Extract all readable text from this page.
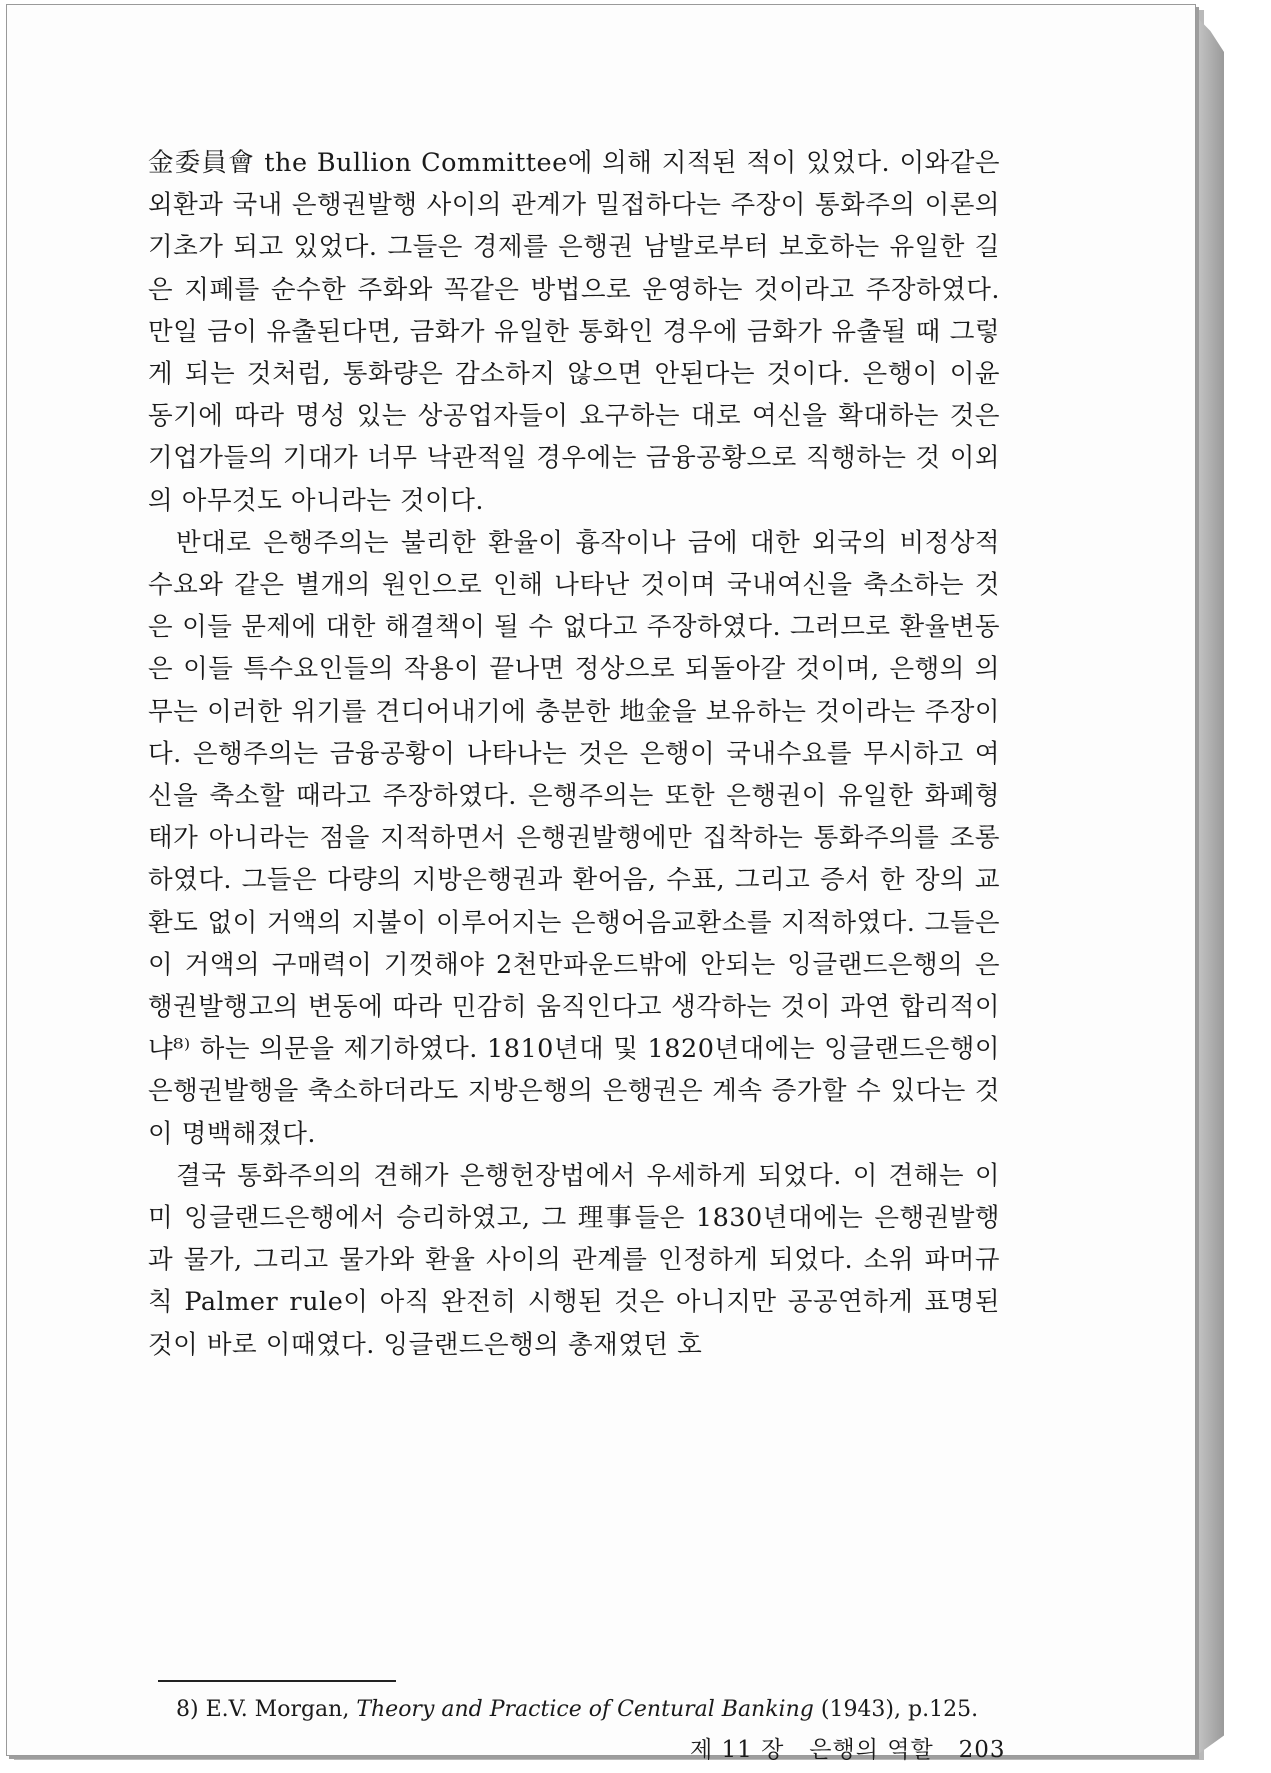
金委員會 the Bullion Committee에 의해 지적된 적이 있었다. 이와같은 외환과 국내 은행권발행 사이의 관계가 밀접하다는 주장이 통화주의 이론의 기초가 되고 있었다. 그들은 경제를 은행권 남발로부터 보호하는 유일한 길은 지폐를 순수한 주화와 꼭같은 방법으로 운영하는 것이라고 주장하였다. 만일 금이 유출된다면, 금화가 유일한 통화인 경우에 금화가 유출될 때 그렇게 되는 것처럼, 통화량은 감소하지 않으면 안된다는 것이다. 은행이 이윤 동기에 따라 명성 있는 상공업자들이 요구하는 대로 여신을 확대하는 것은 기업가들의 기대가 너무 낙관적일 경우에는 금융공황으로 직행하는 것 이외의 아무것도 아니라는 것이다.

반대로 은행주의는 불리한 환율이 흉작이나 금에 대한 외국의 비정상적 수요와 같은 별개의 원인으로 인해 나타난 것이며 국내여신을 축소하는 것은 이들 문제에 대한 해결책이 될 수 없다고 주장하였다. 그러므로 환율변동은 이들 특수요인들의 작용이 끝나면 정상으로 되돌아갈 것이며, 은행의 의무는 이러한 위기를 견디어내기에 충분한 地金을 보유하는 것이라는 주장이다. 은행주의는 금융공황이 나타나는 것은 은행이 국내수요를 무시하고 여신을 축소할 때라고 주장하였다. 은행주의는 또한 은행권이 유일한 화폐형태가 아니라는 점을 지적하면서 은행권발행에만 집착하는 통화주의를 조롱하였다. 그들은 다량의 지방은행권과 환어음, 수표, 그리고 증서 한 장의 교환도 없이 거액의 지불이 이루어지는 은행어음교환소를 지적하였다. 그들은 이 거액의 구매력이 기껏해야 2천만파운드밖에 안되는 잉글랜드은행의 은행권발행고의 변동에 따라 민감히 움직인다고 생각하는 것이 과연 합리적이냐⁸⁾ 하는 의문을 제기하였다. 1810년대 및 1820년대에는 잉글랜드은행이 은행권발행을 축소하더라도 지방은행의 은행권은 계속 증가할 수 있다는 것이 명백해졌다.

결국 통화주의의 견해가 은행헌장법에서 우세하게 되었다. 이 견해는 이미 잉글랜드은행에서 승리하였고, 그 理事들은 1830년대에는 은행권발행과 물가, 그리고 물가와 환율 사이의 관계를 인정하게 되었다. 소위 파머규칙 Palmer rule이 아직 완전히 시행된 것은 아니지만 공공연하게 표명된 것이 바로 이때였다. 잉글랜드은행의 총재였던 호

8) E.V. Morgan, Theory and Practice of Centural Banking (1943), p.125.
제 11 장 은행의 역할 203
